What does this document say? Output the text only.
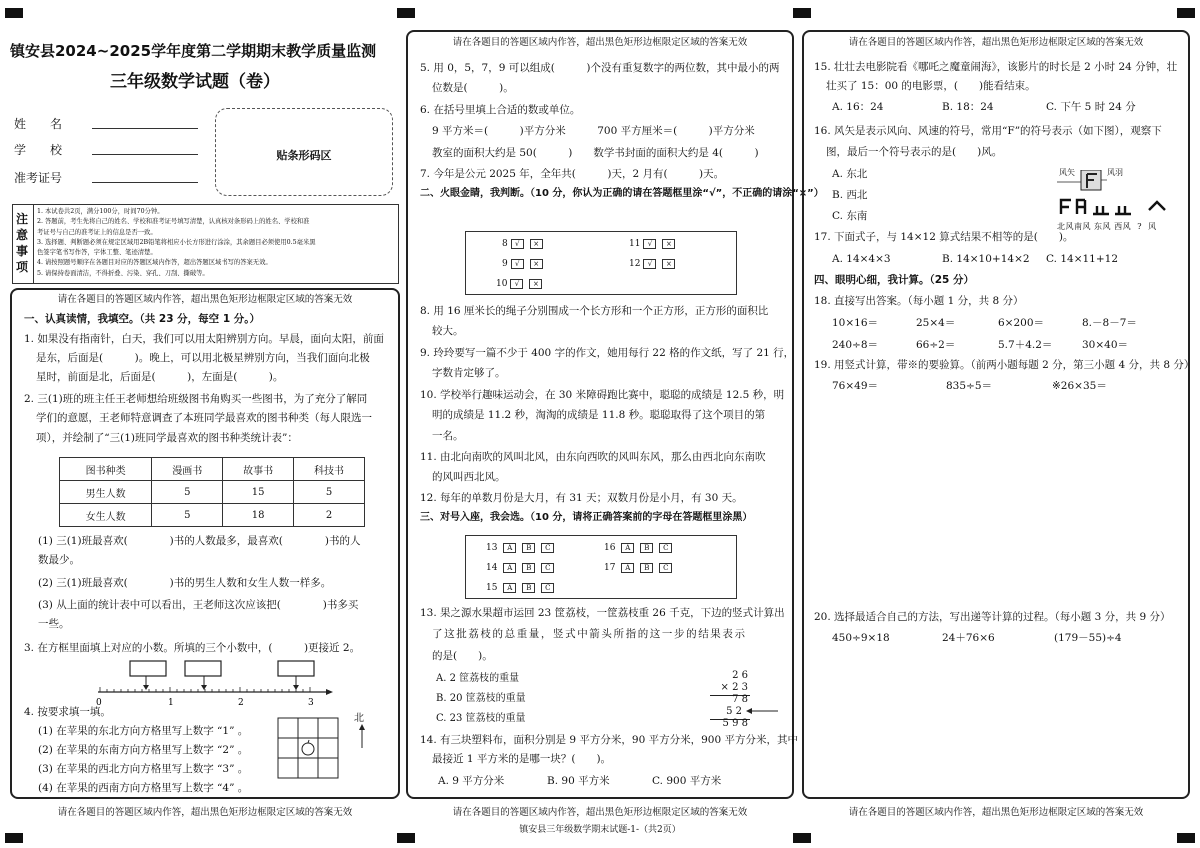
镇安县2024~2025学年度第二学期期末教学质量监测
三年级数学试题（卷）
姓　　名
学　　校
准考证号
贴条形码区
注意事项
1. 本试卷共2页，满分100分，时间70分钟。
2. 答题前，考生先将自己的姓名、学校和准考证号填写清楚，认真核对条形码上的姓名、学校和准
考证号与自己的准考证上的信息是否一致。
3. 选择题、判断题必须在规定区域用2B铅笔将相应小长方形进行涂涂，其余题目必须使用0.5毫米黑
色签字笔书写作答，字体工整、笔迹清楚。
4. 请按照题号顺序在各题目对应的答题区域内作答，超出答题区域书写的答案无效。
5. 请保持卷面清洁，不得折叠、污染、穿孔、刀刮、撕破等。
请在各题目的答题区域内作答，超出黑色矩形边框限定区域的答案无效
请在各题目的答题区域内作答，超出黑色矩形边框限定区域的答案无效
一、认真读情，我填空。（共 23 分，每空 1 分。）
1. 如果没有指南针，白天，我们可以用太阳辨别方向。早晨，面向太阳，前面
是东，后面是(　　　)。晚上，可以用北极星辨别方向，当我们面向北极
星时，前面是北，后面是(　　　)，左面是(　　　)。
2. 三(1)班的班主任王老师想给班级图书角购买一些图书，为了充分了解同
学们的意愿，王老师特意调查了本班同学最喜欢的图书种类（每人限选一
项），并绘制了“三(1)班同学最喜欢的图书种类统计表”：
图书种类	漫画书	故事书	科技书
男生人数	5	15	5
女生人数	5	18	2
(1) 三(1)班最喜欢(　　　　)书的人数最多，最喜欢(　　　　)书的人
数最少。
(2) 三(1)班最喜欢(　　　　)书的男生人数和女生人数一样多。
(3) 从上面的统计表中可以看出，王老师这次应该把(　　　　)书多买
一些。
3. 在方框里面填上对应的小数。所填的三个小数中，(　　　)更接近 2。
0	1	2	3
4. 按要求填一填。
(1) 在苹果的东北方向方格里写上数字 “1” 。
(2) 在苹果的东南方向方格里写上数字 “2” 。
(3) 在苹果的西北方向方格里写上数字 “3” 。
(4) 在苹果的西南方向方格里写上数字 “4” 。
北
请在各题目的答题区域内作答，超出黑色矩形边框限定区域的答案无效
请在各题目的答题区域内作答，超出黑色矩形边框限定区域的答案无效
镇安县三年级数学期末试题-1-（共2页）
5. 用 0，5，7，9 可以组成(　　　)个没有重复数字的两位数，其中最小的两
位数是(　　　)。
6. 在括号里填上合适的数或单位。
9 平方米＝(　　　)平方分米　　　700 平方厘米＝(　　　)平方分米
教室的面积大约是 50(　　　)　　数学书封面的面积大约是 4(　　　)
7. 今年是公元 2025 年，全年共(　　　)天，2 月有(　　　)天。
二、火眼金睛，我判断。（10 分，你认为正确的请在答题框里涂“√”，不正确的请涂“×”）
8 √ ×
9 √ ×
10 √ ×
11 √ ×
12 √ ×
8. 用 16 厘米长的绳子分别围成一个长方形和一个正方形，正方形的面积比
较大。
9. 玲玲要写一篇不少于 400 字的作文，她用每行 22 格的作文纸，写了 21 行，
字数肯定够了。
10. 学校举行趣味运动会，在 30 米障碍跑比赛中，聪聪的成绩是 12.5 秒，明
明的成绩是 11.2 秒，淘淘的成绩是 11.8 秒。聪聪取得了这个项目的第
一名。
11. 由北向南吹的风叫北风，由东向西吹的风叫东风，那么由西北向东南吹
的风叫西北风。
12. 每年的单数月份是大月，有 31 天；双数月份是小月，有 30 天。
三、对号入座，我会选。（10 分，请将正确答案前的字母在答题框里涂黑）
13 A B C
14 A B C
15 A B C
16 A B C
17 A B C
13. 果之源水果超市运回 23 筐荔枝，一筐荔枝重 26 千克，下边的竖式计算出
了这批荔枝的总重量，竖式中箭头所指的这一步的结果表示
的是(　　)。
A. 2 筐荔枝的重量
B. 20 筐荔枝的重量
C. 23 筐荔枝的重量
2 6
× 2 3
7 8
5 2
5 9 8
14. 有三块塑料布，面积分别是 9 平方分米，90 平方分米，900 平方分米，其中
最接近 1 平方米的是哪一块？(　　)。
A. 9 平方分米	B. 90 平方米	C. 900 平方米
请在各题目的答题区域内作答，超出黑色矩形边框限定区域的答案无效
请在各题目的答题区域内作答，超出黑色矩形边框限定区域的答案无效
15. 壮壮去电影院看《哪吒之魔童闹海》，该影片的时长是 2 小时 24 分钟，壮
壮买了 15：00 的电影票，(　　)能看结束。
A. 16：24	B. 18：24	C. 下午 5 时 24 分
16. 风矢是表示风向、风速的符号，常用“F”的符号表示（如下图），观察下
图，最后一个符号表示的是(　　)风。
A. 东北
B. 西北
C. 东南
风矢	风羽
北风南风 东风 西风 ? 风
17. 下面式子，与 14×12 算式结果不相等的是(　　)。
A. 14×4×3	B. 14×10+14×2 C. 14×11+12
四、眼明心细，我计算。（25 分）
18. 直接写出答案。（每小题 1 分，共 8 分）
10×16＝	25×4＝	6×200＝	8.－8－7＝
240÷8＝	66÷2＝	5.7＋4.2＝	30×40＝
19. 用竖式计算，带※的要验算。（前两小题每题 2 分，第三小题 4 分，共 8 分）
76×49＝	835÷5＝	※26×35＝
20. 选择最适合自己的方法，写出递等计算的过程。（每小题 3 分，共 9 分）
450÷9×18	24＋76×6	(179－55)÷4
